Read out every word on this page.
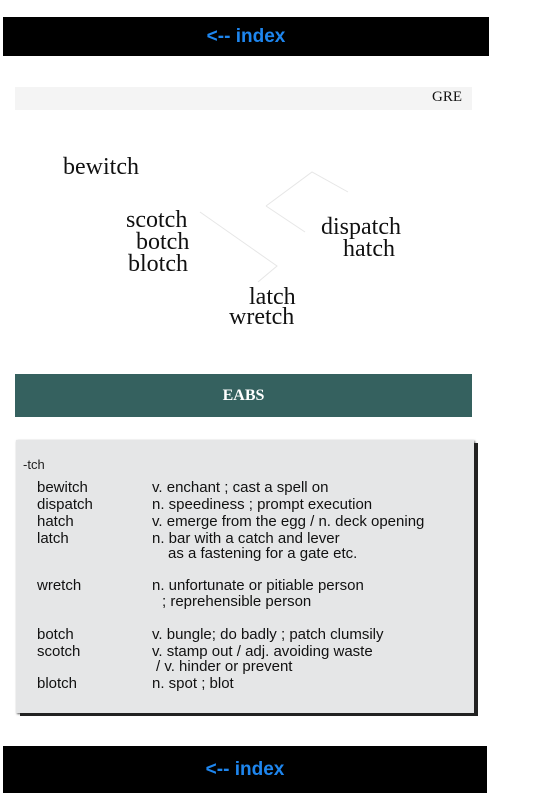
<-- index
GRE
bewitch
scotch
botch
blotch
dispatch
hatch
latch
wretch
EABS
-tch
bewitch	v. enchant ; cast a spell on
dispatch	n. speediness ; prompt execution
hatch	v. emerge from the egg / n. deck opening
latch	n. bar with a catch and lever
as a fastening for a gate etc.
wretch	n. unfortunate or pitiable person
; reprehensible person
botch	v. bungle; do badly ; patch clumsily
scotch	v. stamp out / adj. avoiding waste
/ v. hinder or prevent
blotch	n. spot ; blot
<-- index
